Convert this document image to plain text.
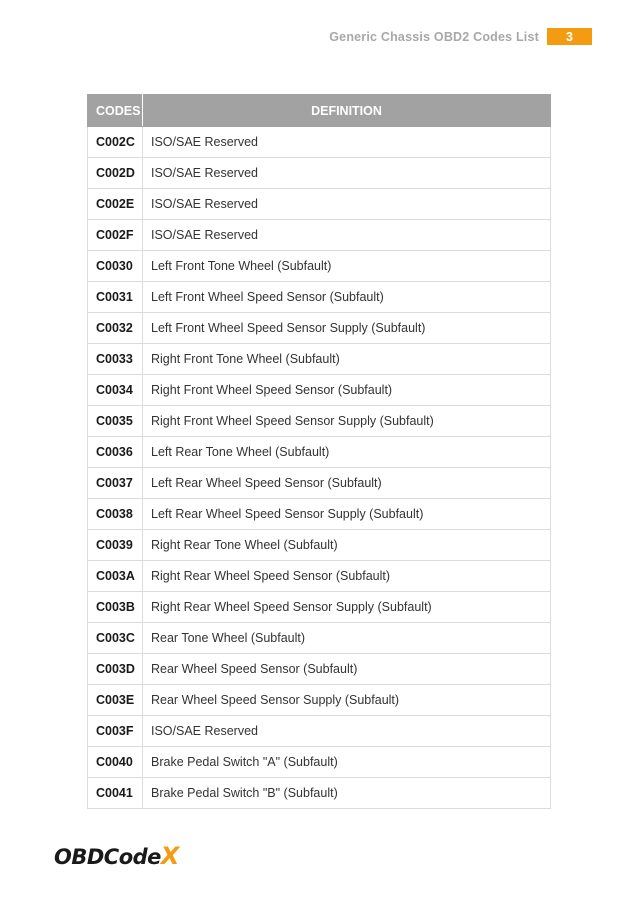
Generic Chassis OBD2 Codes List	3
CODES	DEFINITION
C002C	ISO/SAE Reserved
C002D	ISO/SAE Reserved
C002E	ISO/SAE Reserved
C002F	ISO/SAE Reserved
C0030	Left Front Tone Wheel (Subfault)
C0031	Left Front Wheel Speed Sensor (Subfault)
C0032	Left Front Wheel Speed Sensor Supply (Subfault)
C0033	Right Front Tone Wheel (Subfault)
C0034	Right Front Wheel Speed Sensor (Subfault)
C0035	Right Front Wheel Speed Sensor Supply (Subfault)
C0036	Left Rear Tone Wheel (Subfault)
C0037	Left Rear Wheel Speed Sensor (Subfault)
C0038	Left Rear Wheel Speed Sensor Supply (Subfault)
C0039	Right Rear Tone Wheel (Subfault)
C003A	Right Rear Wheel Speed Sensor (Subfault)
C003B	Right Rear Wheel Speed Sensor Supply (Subfault)
C003C	Rear Tone Wheel (Subfault)
C003D	Rear Wheel Speed Sensor (Subfault)
C003E	Rear Wheel Speed Sensor Supply (Subfault)
C003F	ISO/SAE Reserved
C0040	Brake Pedal Switch "A" (Subfault)
C0041	Brake Pedal Switch "B" (Subfault)
OBDCodeX
